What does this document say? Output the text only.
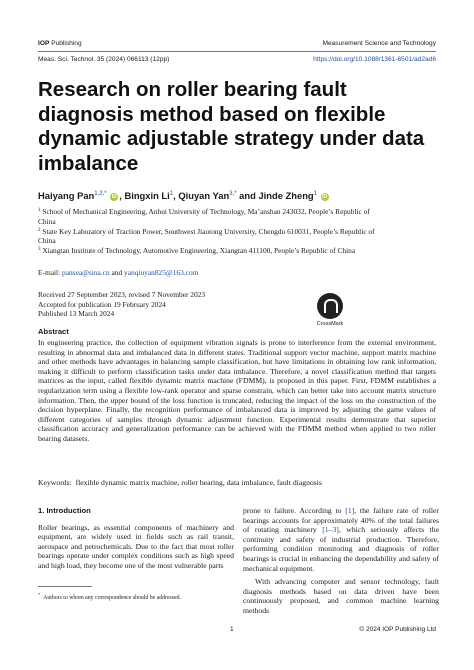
IOP Publishing	Measurement Science and Technology
Meas. Sci. Technol. 35 (2024) 066113 (12pp)	https://doi.org/10.1088/1361-6501/ad2ad6
Research on roller bearing fault diagnosis method based on flexible dynamic adjustable strategy under data imbalance
Haiyang Pan$^{1,2,*}$ iD , Bingxin Li$^1$, Qiuyan Yan$^{3,*}$ and Jinde Zheng$^1$ iD
$^1$ School of Mechanical Engineering, Anhui University of Technology, Ma’anshan 243032, People’s Republic of China
$^2$ State Key Laboratory of Traction Power, Southwest Jiaotong University, Chengdu 610031, People’s Republic of China
$^3$ Xiangtan Institute of Technology, Automotive Engineering, Xiangtan 411100, People’s Republic of China
E-mail: pansea@sina.cn and yanqiuyan825@163.com
Received 27 September 2023, revised 7 November 2023
Accepted for publication 19 February 2024
Published 13 March 2024
CrossMark
Abstract

In engineering practice, the collection of equipment vibration signals is prone to interference from the external environment, resulting in abnormal data and imbalanced data in different states. Traditional support vector machine, support matrix machine and other methods have advantages in balancing sample classification, but have limitations in obtaining low rank information, making it difficult to perform classification tasks under data imbalance. Therefore, a novel classification method that targets matrices as the input, called flexible dynamic matrix machine (FDMM), is proposed in this paper. First, FDMM establishes a regularization term using a flexible low-rank operator and sparse constrain, which can better take into account matrix structure information. Then, the upper bound of the loss function is truncated, reducing the impact of the loss on the construction of the decision hyperplane. Finally, the recognition performance of imbalanced data is improved by adjusting the game values of different categories of samples through dynamic adjustment function. Experimental results demonstrate that superior classification accuracy and generalization performance can be achieved with the FDMM method when applied to two roller bearing datasets.

Keywords: flexible dynamic matrix machine, roller bearing, data imbalance, fault diagnosis
1. Introduction

Roller bearings, as essential components of machinery and equipment, are widely used in fields such as rail transit, aerospace and petrochemicals. Due to the fact that most roller bearings operate under complex conditions such as high speed and high load, they become one of the most vulnerable parts

prone to failure. According to [1], the failure rate of roller bearings accounts for approximately 40% of the total failures of rotating machinery [1–3], which seriously affects the continuity and safety of industrial production. Therefore, performing condition monitoring and diagnosis of roller bearings is crucial in enhancing the dependability and safety of mechanical equipment.

With advancing computer and sensor technology, fault diagnosis methods based on data driven have been continuously proposed, and common machine learning methods

*  Authors to whom any correspondence should be addressed.
1	© 2024 IOP Publishing Ltd
